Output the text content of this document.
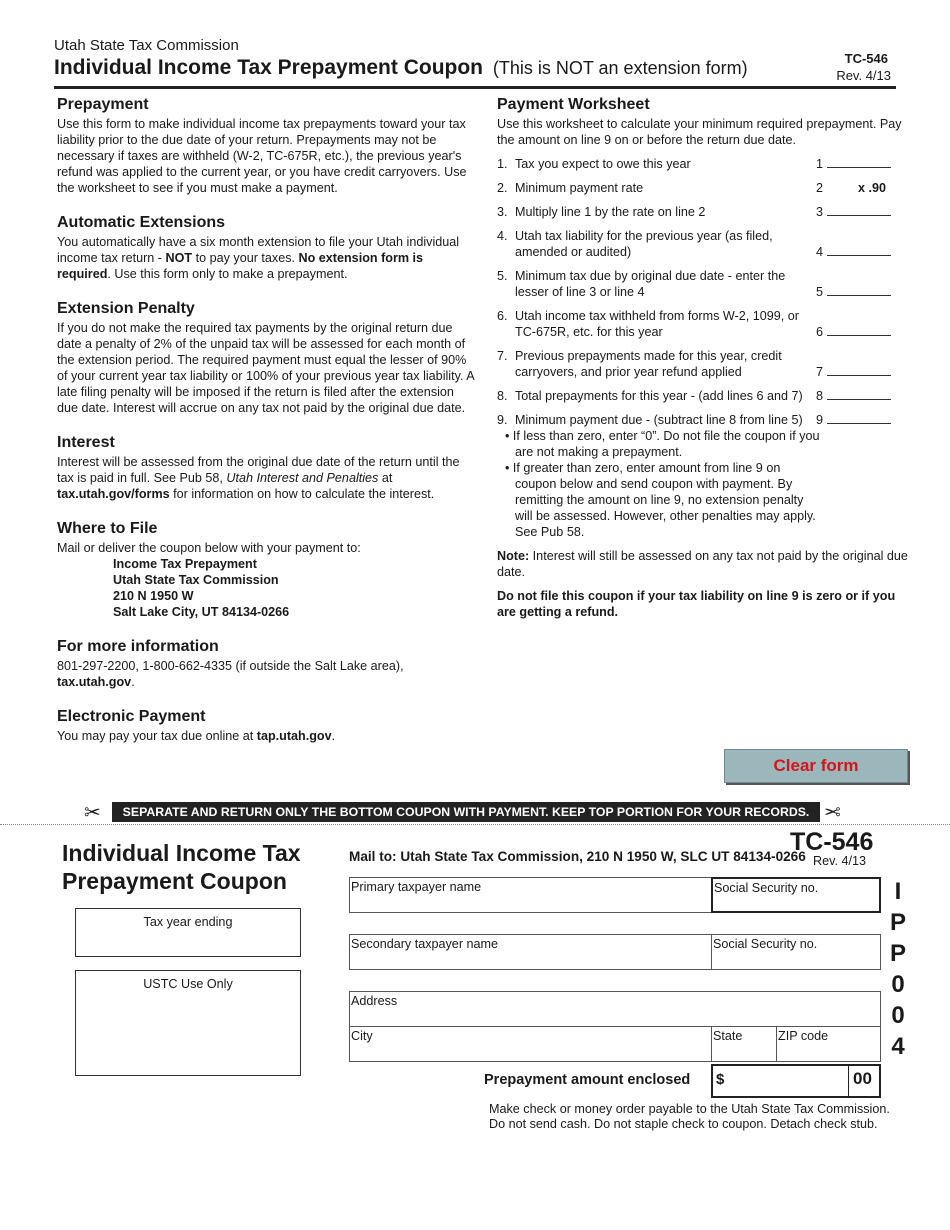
Utah State Tax Commission
Individual Income Tax Prepayment Coupon (This is NOT an extension form)	TC-546
Rev. 4/13
Prepayment

Use this form to make individual income tax prepayments toward your tax liability prior to the due date of your return. Prepayments may not be necessary if taxes are withheld (W-2, TC-675R, etc.), the previous year's refund was applied to the current year, or you have credit carryovers. Use the worksheet to see if you must make a payment.

Automatic Extensions

You automatically have a six month extension to file your Utah individual income tax return - NOT to pay your taxes. No extension form is required. Use this form only to make a prepayment.

Extension Penalty

If you do not make the required tax payments by the original return due date a penalty of 2% of the unpaid tax will be assessed for each month of the extension period. The required payment must equal the lesser of 90% of your current year tax liability or 100% of your previous year tax liability. A late filing penalty will be imposed if the return is filed after the extension due date. Interest will accrue on any tax not paid by the original due date.

Interest

Interest will be assessed from the original due date of the return until the tax is paid in full. See Pub 58, Utah Interest and Penalties at tax.utah.gov/forms for information on how to calculate the interest.

Where to File

Mail or deliver the coupon below with your payment to:

Income Tax Prepayment
Utah State Tax Commission
210 N 1950 W
Salt Lake City, UT 84134-0266
For more information

801-297-2200, 1-800-662-4335 (if outside the Salt Lake area),
tax.utah.gov.

Electronic Payment

You may pay your tax due online at tap.utah.gov.

Payment Worksheet

Use this worksheet to calculate your minimum required prepayment. Pay the amount on line 9 on or before the return due date.

1. Tax you expect to owe this year	1
2. Minimum payment rate	2	x .90
3. Multiply line 1 by the rate on line 2	3
4. Utah tax liability for the previous year (as filed, amended or audited)	4
5. Minimum tax due by original due date - enter the lesser of line 3 or line 4	5
6. Utah income tax withheld from forms W-2, 1099, or TC-675R, etc. for this year	6
7. Previous prepayments made for this year, credit carryovers, and prior year refund applied	7
8. Total prepayments for this year - (add lines 6 and 7) 8
9. Minimum payment due - (subtract line 8 from line 5) 9
• If less than zero, enter “0”. Do not file the coupon if you are not making a prepayment.
• If greater than zero, enter amount from line 9 on coupon below and send coupon with payment. By remitting the amount on line 9, no extension penalty will be assessed. However, other penalties may apply. See Pub 58.

Note: Interest will still be assessed on any tax not paid by the original due date.

Do not file this coupon if your tax liability on line 9 is zero or if you are getting a refund.

Clear form
✂	SEPARATE AND RETURN ONLY THE BOTTOM COUPON WITH PAYMENT. KEEP TOP PORTION FOR YOUR RECORDS. ✂
Individual Income Tax
Prepayment Coupon
Tax year ending
USTC Use Only
Mail to: Utah State Tax Commission, 210 N 1950 W, SLC UT 84134-0266
TC-546
Rev. 4/13
I
P
P
0
0
4
Primary taxpayer name	Social Security no.
Secondary taxpayer name	Social Security no.
Address
City	State	ZIP code
Prepayment amount enclosed	$	00
Make check or money order payable to the Utah State Tax Commission.
Do not send cash. Do not staple check to coupon. Detach check stub.
